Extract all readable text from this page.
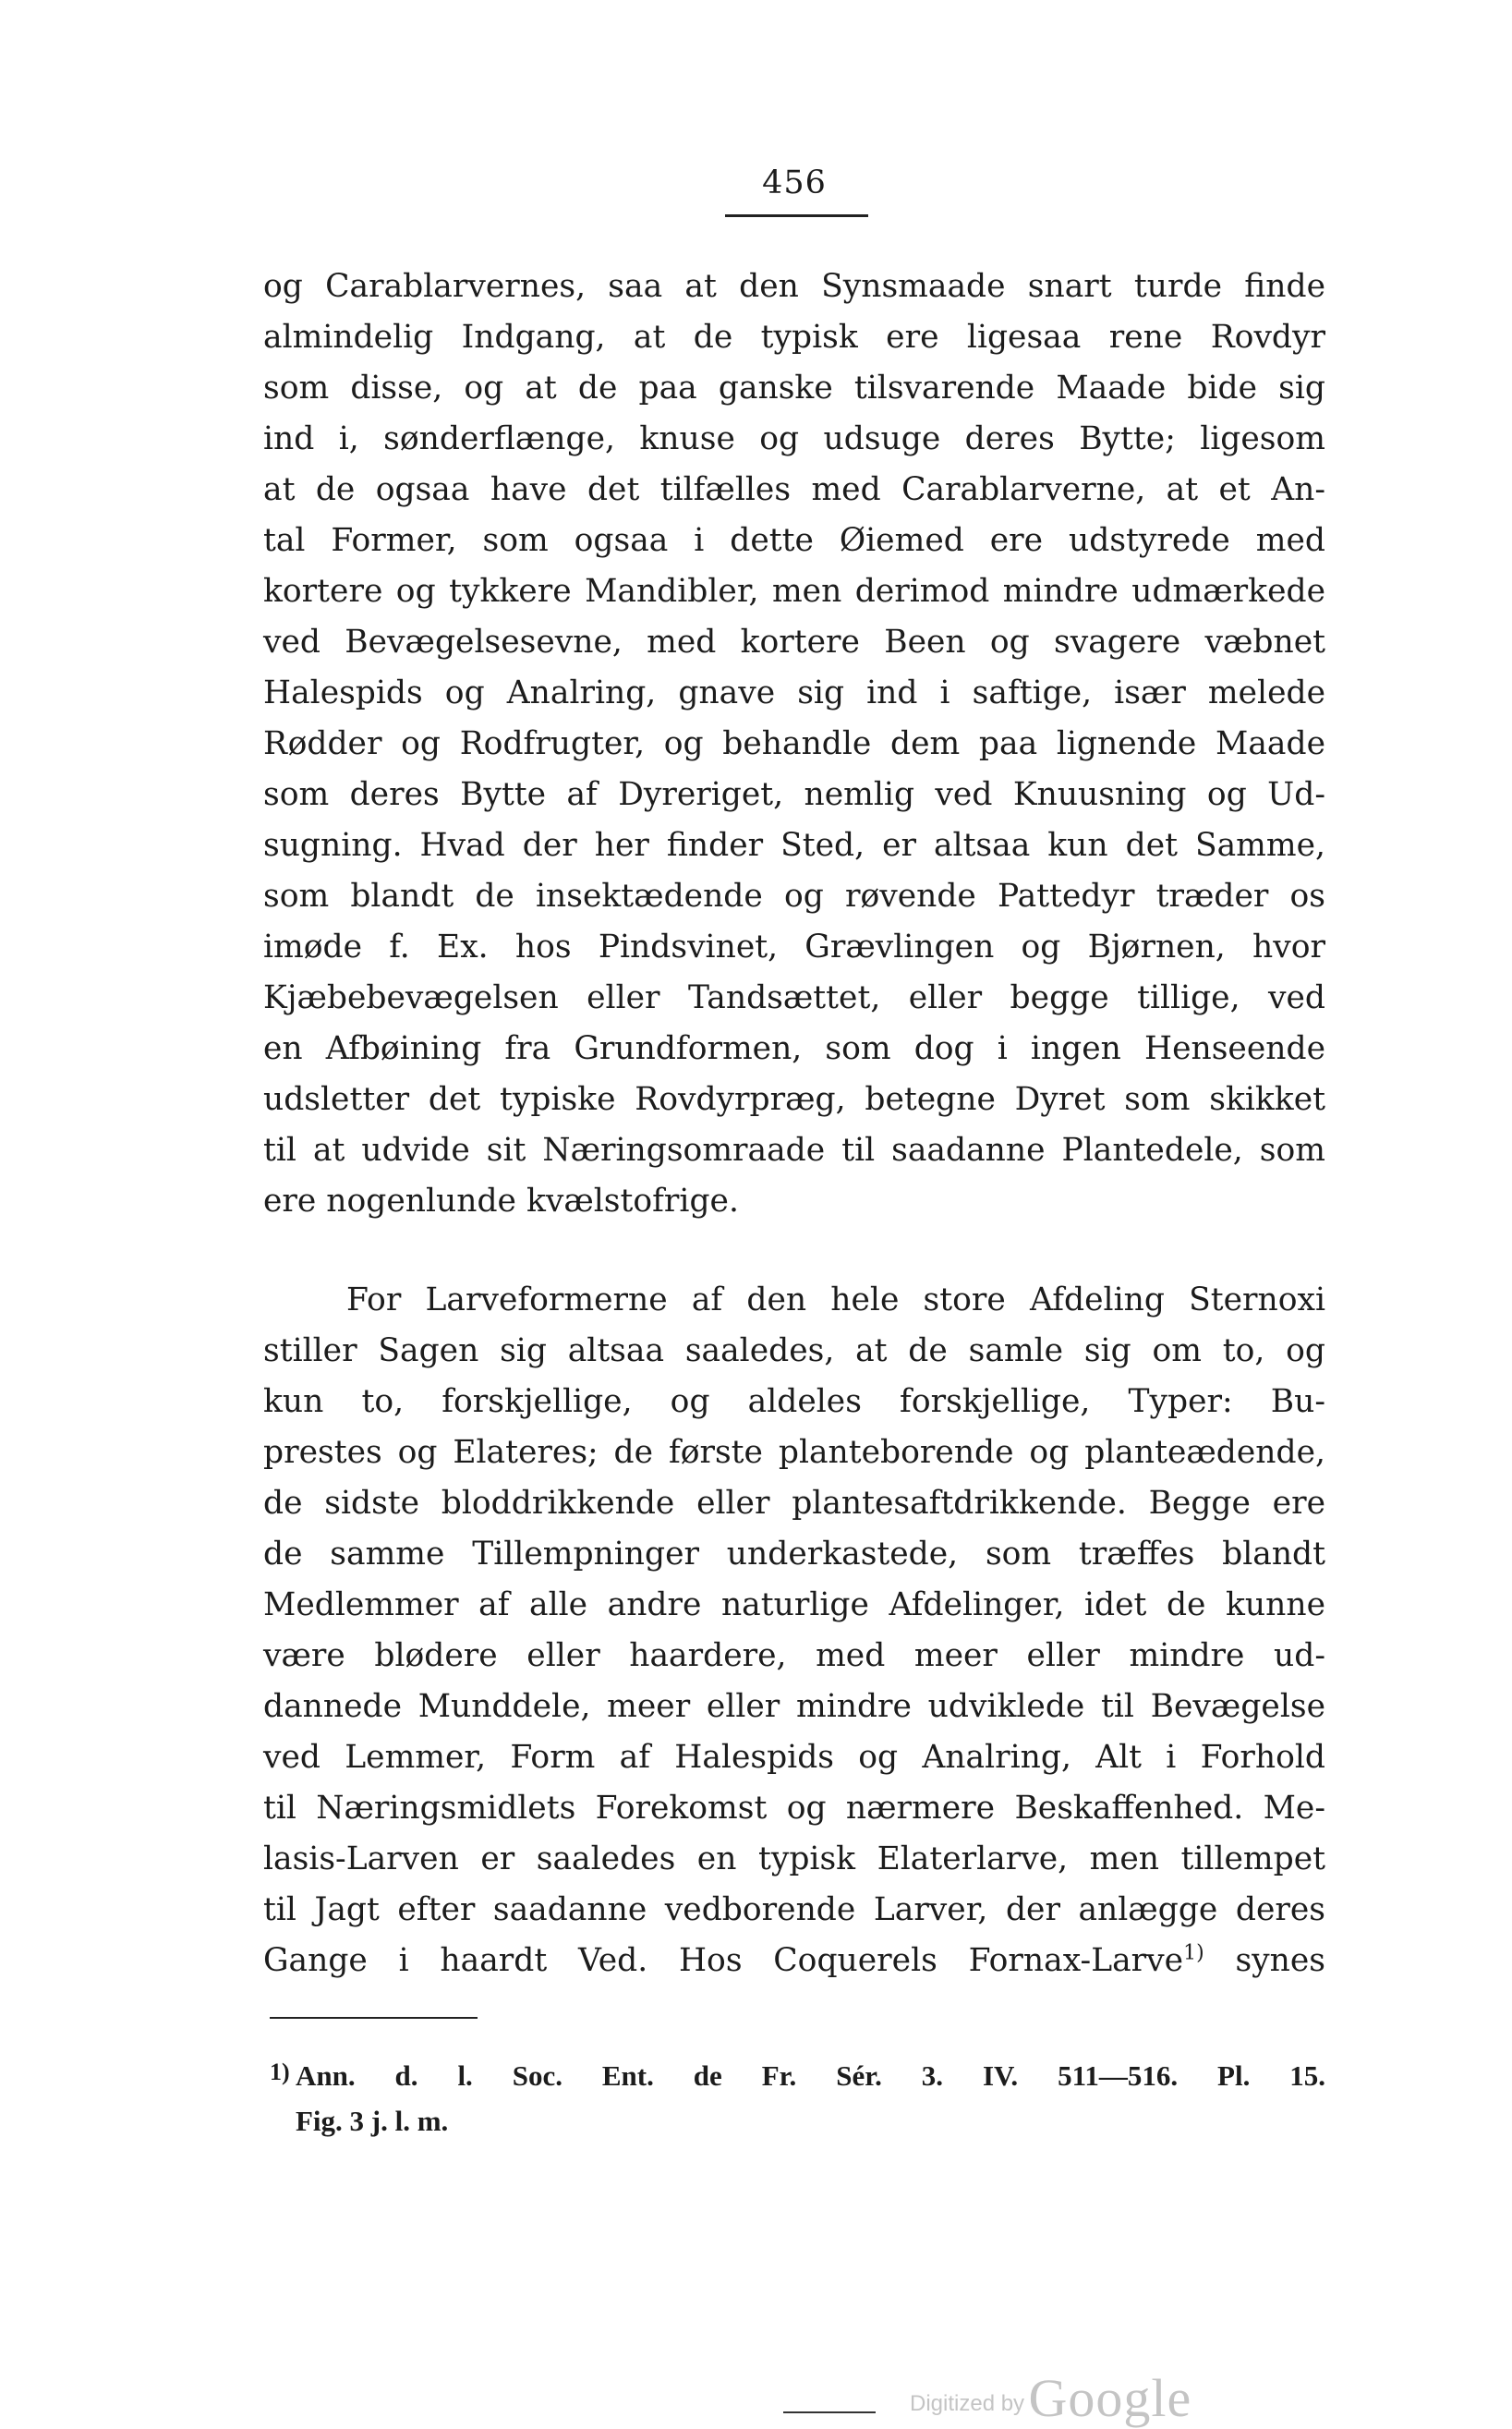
456
og Carablarvernes, saa at den Synsmaade snart turde finde
almindelig Indgang, at de typisk ere ligesaa rene Rovdyr
som disse, og at de paa ganske tilsvarende Maade bide sig
ind i, sønderflænge, knuse og udsuge deres Bytte; ligesom
at de ogsaa have det tilfælles med Carablarverne, at et An-
tal Former, som ogsaa i dette Øiemed ere udstyrede med
kortere og tykkere Mandibler, men derimod mindre udmærkede
ved Bevægelsesevne, med kortere Been og svagere væbnet
Halespids og Analring, gnave sig ind i saftige, især melede
Rødder og Rodfrugter, og behandle dem paa lignende Maade
som deres Bytte af Dyreriget, nemlig ved Knuusning og Ud-
sugning. Hvad der her finder Sted, er altsaa kun det Samme,
som blandt de insektædende og røvende Pattedyr træder os
imøde f. Ex. hos Pindsvinet, Grævlingen og Bjørnen, hvor
Kjæbebevægelsen eller Tandsættet, eller begge tillige, ved
en Afbøining fra Grundformen, som dog i ingen Henseende
udsletter det typiske Rovdyrpræg, betegne Dyret som skikket
til at udvide sit Næringsomraade til saadanne Plantedele, som
ere nogenlunde kvælstofrige.
For Larveformerne af den hele store Afdeling Sternoxi
stiller Sagen sig altsaa saaledes, at de samle sig om to, og
kun to, forskjellige, og aldeles forskjellige, Typer: Bu-
prestes og Elateres; de første planteborende og planteædende,
de sidste bloddrikkende eller plantesaftdrikkende. Begge ere
de samme Tillempninger underkastede, som træffes blandt
Medlemmer af alle andre naturlige Afdelinger, idet de kunne
være blødere eller haardere, med meer eller mindre ud-
dannede Munddele, meer eller mindre udviklede til Bevægelse
ved Lemmer, Form af Halespids og Analring, Alt i Forhold
til Næringsmidlets Forekomst og nærmere Beskaffenhed. Me-
lasis-Larven er saaledes en typisk Elaterlarve, men tillempet
til Jagt efter saadanne vedborende Larver, der anlægge deres
Gange i haardt Ved. Hos Coquerels Fornax-Larve$^{1)}$ synes
1) Ann. d. l. Soc. Ent. de Fr. Sér. 3. IV. 511—516. Pl. 15.
Fig. 3 j. l. m.
Digitized by Google
